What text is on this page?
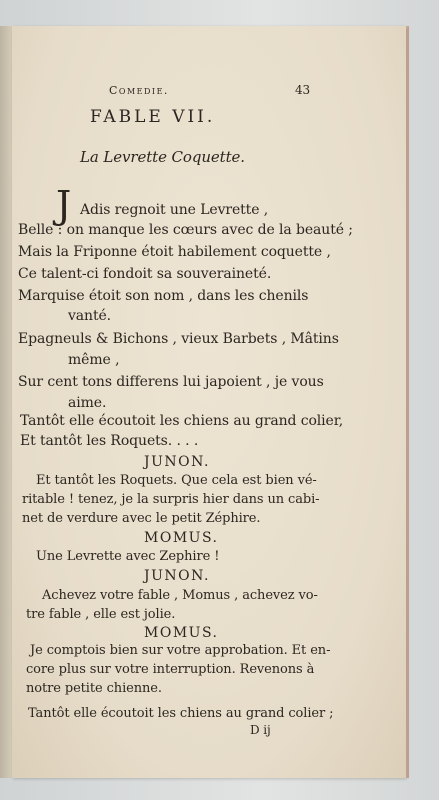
Comedie.	43
FABLE VII.
La Levrette Coquette.
J Adis regnoit une Levrette ,
Belle : on manque les cœurs avec de la beauté ;
Mais la Friponne étoit habilement coquette ,
Ce talent-ci fondoit sa souveraineté.
Marquise étoit son nom , dans les chenils
vanté.
Epagneuls & Bichons , vieux Barbets , Mâtins
même ,
Sur cent tons differens lui japoient , je vous
aime.
Tantôt elle écoutoit les chiens au grand colier,
Et tantôt les Roquets. . . .
JUNON.
Et tantôt les Roquets. Que cela est bien vé-
ritable ! tenez, je la surpris hier dans un cabi-
net de verdure avec le petit Zéphire.
MOMUS.
Une Levrette avec Zephire !
JUNON.
Achevez votre fable , Momus , achevez vo-
tre fable , elle est jolie.
MOMUS.
Je comptois bien sur votre approbation. Et en-
core plus sur votre interruption. Revenons à
notre petite chienne.
Tantôt elle écoutoit les chiens au grand colier ;
D ij
